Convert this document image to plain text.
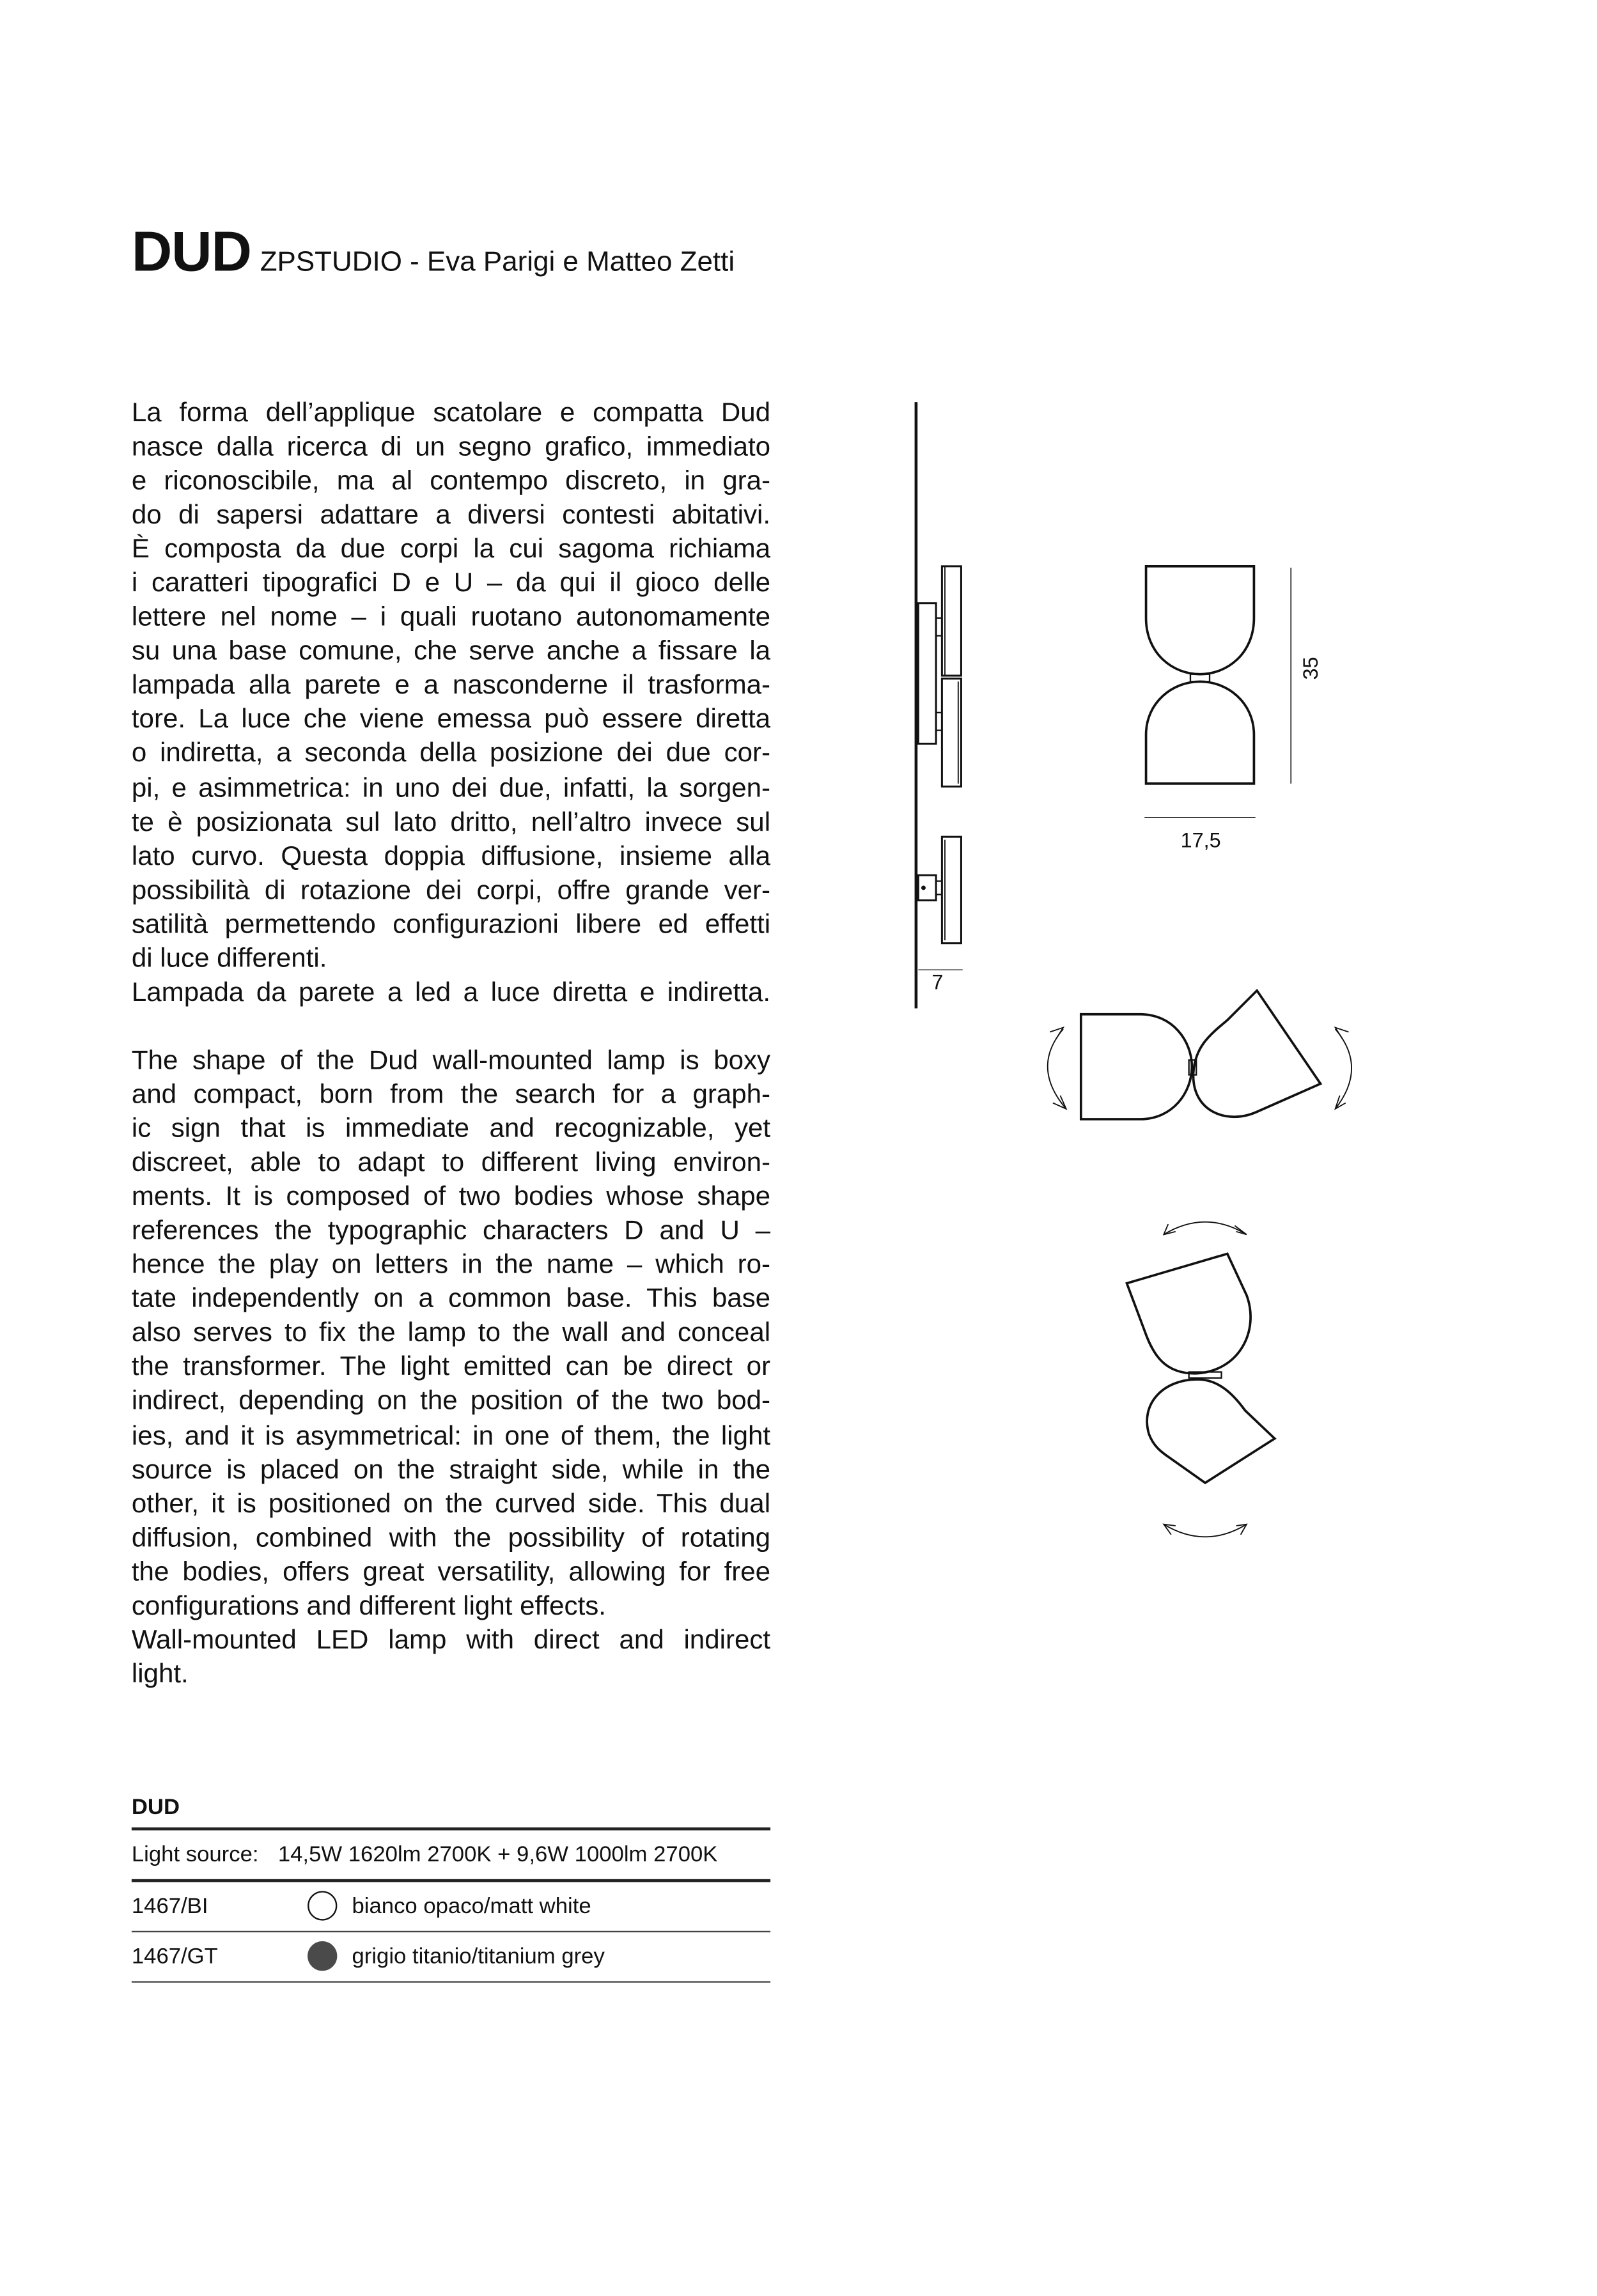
DUD ZPSTUDIO - Eva Parigi e Matteo Zetti
La forma dell’applique scatolare e compatta Dud
nasce dalla ricerca di un segno grafico, immediato
e riconoscibile, ma al contempo discreto, in gra-
do di sapersi adattare a diversi contesti abitativi.
È composta da due corpi la cui sagoma richiama
i caratteri tipografici D e U – da qui il gioco delle
lettere nel nome – i quali ruotano autonomamente
su una base comune, che serve anche a fissare la
lampada alla parete e a nasconderne il trasforma-
tore. La luce che viene emessa può essere diretta
o indiretta, a seconda della posizione dei due cor-
pi, e asimmetrica: in uno dei due, infatti, la sorgen-
te è posizionata sul lato dritto, nell’altro invece sul
lato curvo. Questa doppia diffusione, insieme alla
possibilità di rotazione dei corpi, offre grande ver-
satilità permettendo configurazioni libere ed effetti
di luce differenti.
Lampada da parete a led a luce diretta e indiretta.
The shape of the Dud wall-mounted lamp is boxy
and compact, born from the search for a graph-
ic sign that is immediate and recognizable, yet
discreet, able to adapt to different living environ-
ments. It is composed of two bodies whose shape
references the typographic characters D and U –
hence the play on letters in the name – which ro-
tate independently on a common base. This base
also serves to fix the lamp to the wall and conceal
the transformer. The light emitted can be direct or
indirect, depending on the position of the two bod-
ies, and it is asymmetrical: in one of them, the light
source is placed on the straight side, while in the
other, it is positioned on the curved side. This dual
diffusion, combined with the possibility of rotating
the bodies, offers great versatility, allowing for free
configurations and different light effects.
Wall-mounted LED lamp with direct and indirect
light.
7
17,5
35
DUD
Light source: 14,5W 1620lm 2700K + 9,6W 1000lm 2700K
1467/BI	bianco opaco/matt white
1467/GT	grigio titanio/titanium grey
